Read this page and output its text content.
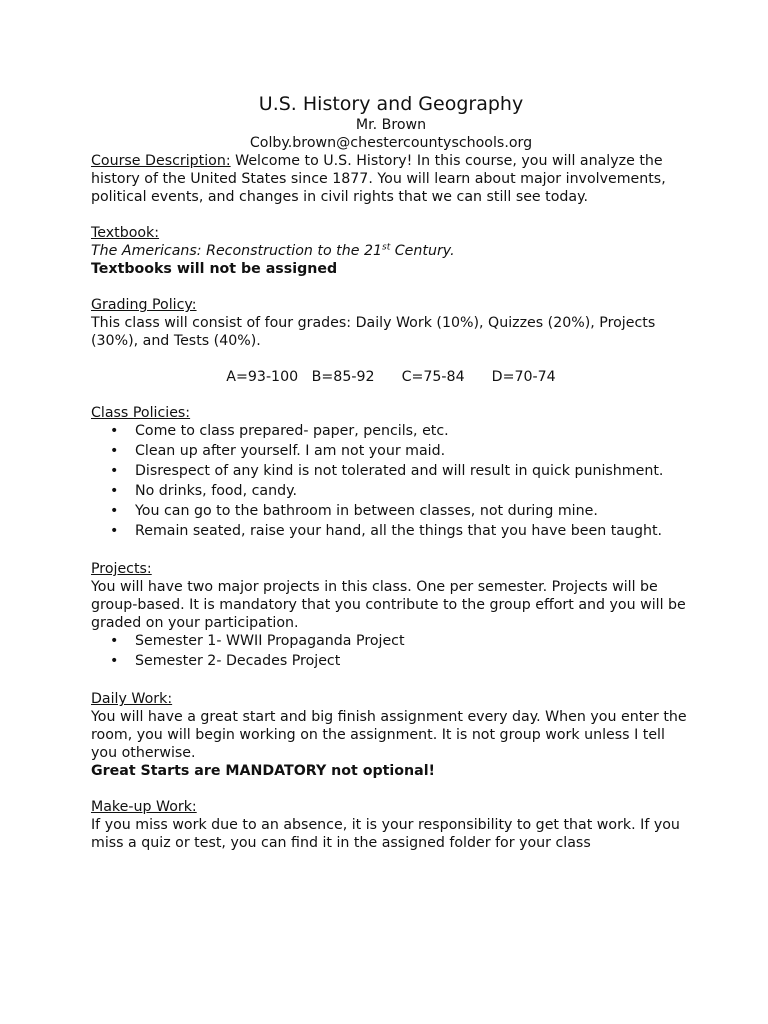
U.S. History and Geography

Mr. Brown

Colby.brown@chestercountyschools.org

Course Description: Welcome to U.S. History! In this course, you will analyze the history of the United States since 1877. You will learn about major involvements, political events, and changes in civil rights that we can still see today.

Textbook:

The Americans: Reconstruction to the 21st Century.

Textbooks will not be assigned

Grading Policy:

This class will consist of four grades: Daily Work (10%), Quizzes (20%), Projects (30%), and Tests (40%).

A=93-100   B=85-92      C=75-84      D=70-74

Class Policies:

• Come to class prepared- paper, pencils, etc.
• Clean up after yourself. I am not your maid.
• Disrespect of any kind is not tolerated and will result in quick punishment.
• No drinks, food, candy.
• You can go to the bathroom in between classes, not during mine.
• Remain seated, raise your hand, all the things that you have been taught.

Projects:

You will have two major projects in this class. One per semester. Projects will be group-based. It is mandatory that you contribute to the group effort and you will be graded on your participation.

• Semester 1- WWII Propaganda Project
• Semester 2- Decades Project

Daily Work:

You will have a great start and big finish assignment every day. When you enter the room, you will begin working on the assignment. It is not group work unless I tell you otherwise.

Great Starts are MANDATORY not optional!

Make-up Work:

If you miss work due to an absence, it is your responsibility to get that work. If you miss a quiz or test, you can find it in the assigned folder for your class
